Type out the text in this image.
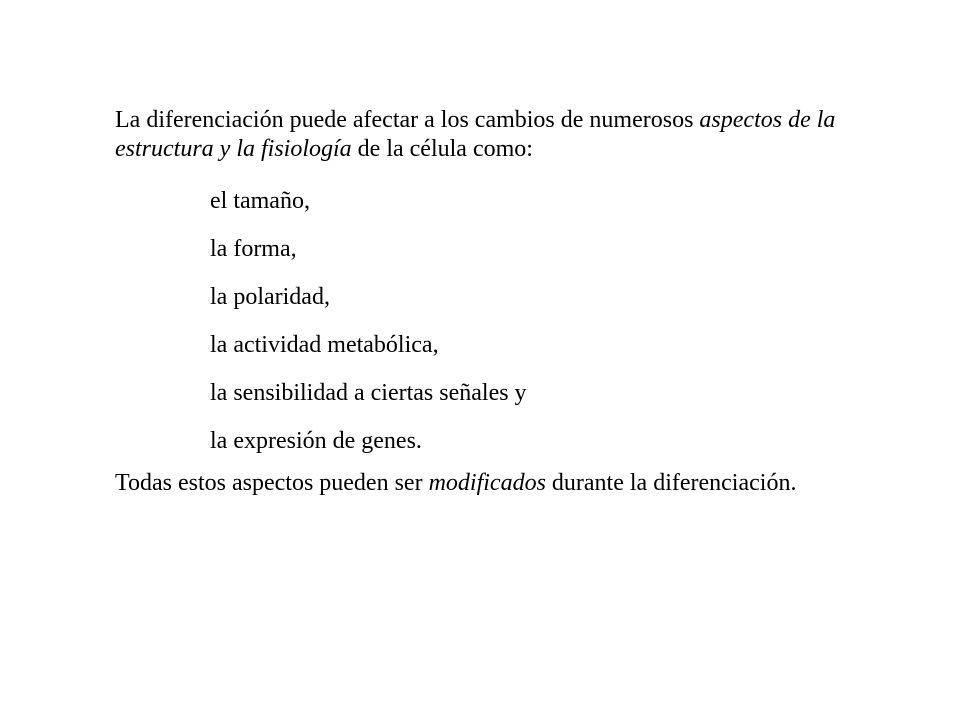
La diferenciación puede afectar a los cambios de numerosos aspectos de la estructura y la fisiología de la célula como:

el tamaño,

la forma,

la polaridad,

la actividad metabólica,

la sensibilidad a ciertas señales y

la expresión de genes.

Todas estos aspectos pueden ser modificados durante la diferenciación.
